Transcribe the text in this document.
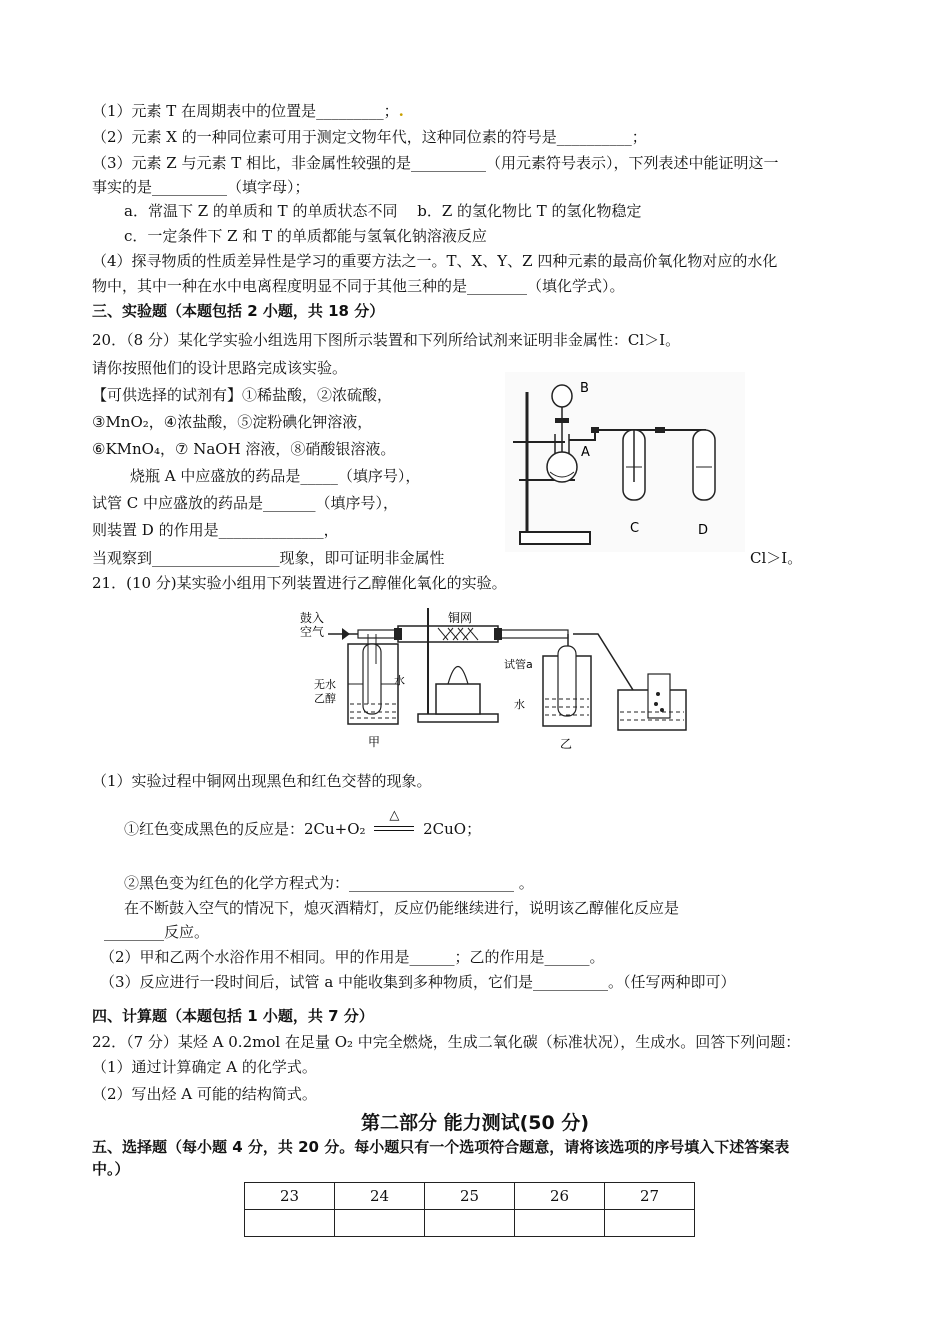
（1）元素 T 在周期表中的位置是_________；.
（2）元素 X 的一种同位素可用于测定文物年代，这种同位素的符号是__________；
（3）元素 Z 与元素 T 相比，非金属性较强的是__________（用元素符号表示），下列表述中能证明这一
事实的是__________（填字母）；
a．常温下 Z 的单质和 T 的单质状态不同　 b．Z 的氢化物比 T 的氢化物稳定
c．一定条件下 Z 和 T 的单质都能与氢氧化钠溶液反应
（4）探寻物质的性质差异性是学习的重要方法之一。T、X、Y、Z 四种元素的最高价氧化物对应的水化
物中，其中一种在水中电离程度明显不同于其他三种的是________（填化学式）。
三、实验题（本题包括 2 小题，共 18 分）
20．（8 分）某化学实验小组选用下图所示装置和下列所给试剂来证明非金属性：Cl＞I。
请你按照他们的设计思路完成该实验。
【可供选择的试剂有】①稀盐酸，②浓硫酸，
③MnO₂，④浓盐酸，⑤淀粉碘化钾溶液，
⑥KMnO₄，⑦ NaOH 溶液，⑧硝酸银溶液。
烧瓶 A 中应盛放的药品是_____（填序号），
试管 C 中应盛放的药品是_______（填序号），
则装置 D 的作用是______________，
当观察到_________________现象，即可证明非金属性	Cl＞I。
B
A
C	D
21．(10 分)某实验小组用下列装置进行乙醇催化氧化的实验。
鼓入
空气
铜网
无水
乙醇
水
试管a
水
甲	乙
（1）实验过程中铜网出现黑色和红色交替的现象。
①红色变成黑色的反应是：2Cu+O₂
△
2CuO；
②黑色变为红色的化学方程式为：______________________ 。
在不断鼓入空气的情况下，熄灭酒精灯，反应仍能继续进行，说明该乙醇催化反应是
________反应。
（2）甲和乙两个水浴作用不相同。甲的作用是______；乙的作用是______。
（3）反应进行一段时间后，试管 a 中能收集到多种物质，它们是__________。（任写两种即可）
四、计算题（本题包括 1 小题，共 7 分）
22．（7 分）某烃 A 0.2mol 在足量 O₂ 中完全燃烧，生成二氧化碳（标准状况），生成水。回答下列问题：
（1）通过计算确定 A 的化学式。
（2）写出烃 A 可能的结构简式。
第二部分 能力测试(50 分)
五、选择题（每小题 4 分，共 20 分。每小题只有一个选项符合题意，请将该选项的序号填入下述答案表
中。）
23	24	25	26	27
